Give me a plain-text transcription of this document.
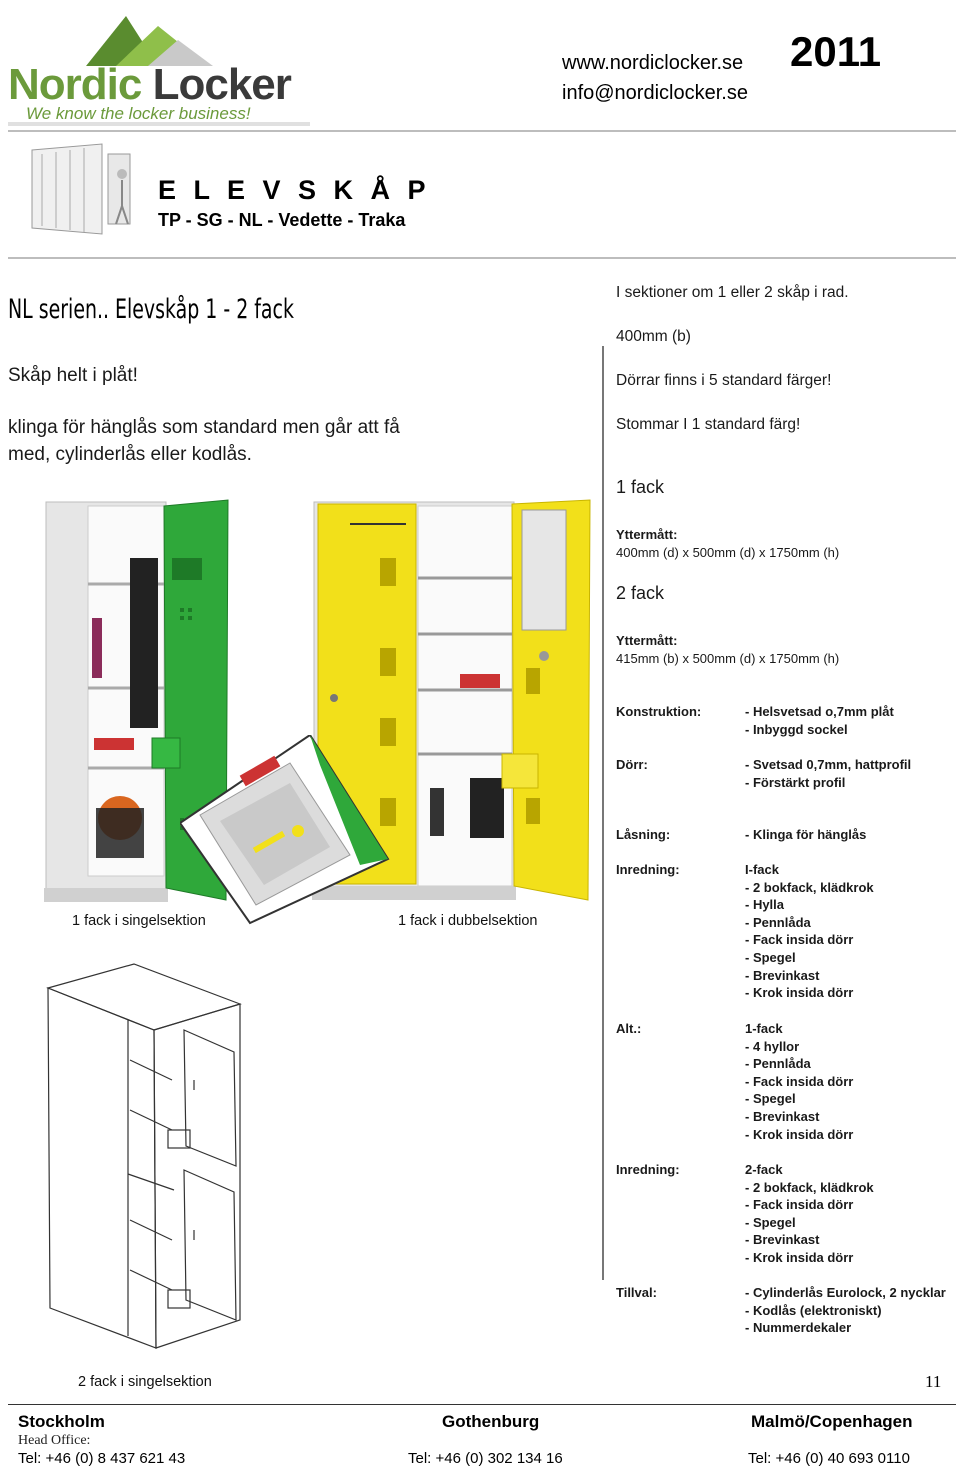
Nordic Locker
We know the locker business!
www.nordiclocker.se
info@nordiclocker.se
2011
E L E V S K Å P
TP - SG - NL - Vedette - Traka
NL serien.. Elevskåp 1 - 2 fack
Skåp helt i plåt!
klinga för hänglås som standard men går att få med, cylinderlås eller kodlås.
1 fack i singelsektion	1 fack i dubbelsektion
2 fack i singelsektion
I sektioner om 1 eller 2 skåp i rad.
400mm (b)
Dörrar finns i 5 standard färger!
Stommar I 1 standard färg!
1 fack
Yttermått:
400mm (d) x 500mm (d) x 1750mm (h)
2 fack
Yttermått:
415mm (b) x 500mm (d) x 1750mm (h)
Konstruktion:	- Helsvetsad o,7mm plåt
- Inbyggd sockel
Dörr:	- Svetsad 0,7mm, hattprofil
- Förstärkt profil
Låsning:	- Klinga för hänglås
Inredning:	I-fack
- 2 bokfack, klädkrok
- Hylla
- Pennlåda
- Fack insida dörr
- Spegel
- Brevinkast
- Krok insida dörr
Alt.:	1-fack
- 4 hyllor
- Pennlåda
- Fack insida dörr
- Spegel
- Brevinkast
- Krok insida dörr
Inredning:	2-fack
- 2 bokfack, klädkrok
- Fack insida dörr
- Spegel
- Brevinkast
- Krok insida dörr
Tillval:	- Cylinderlås Eurolock, 2 nycklar
- Kodlås (elektroniskt)
- Nummerdekaler
11
Stockholm
Head Office:
Tel: +46 (0) 8 437 621 43
Gothenburg
Tel: +46 (0) 302 134 16
Malmö/Copenhagen
Tel: +46 (0) 40 693 0110
